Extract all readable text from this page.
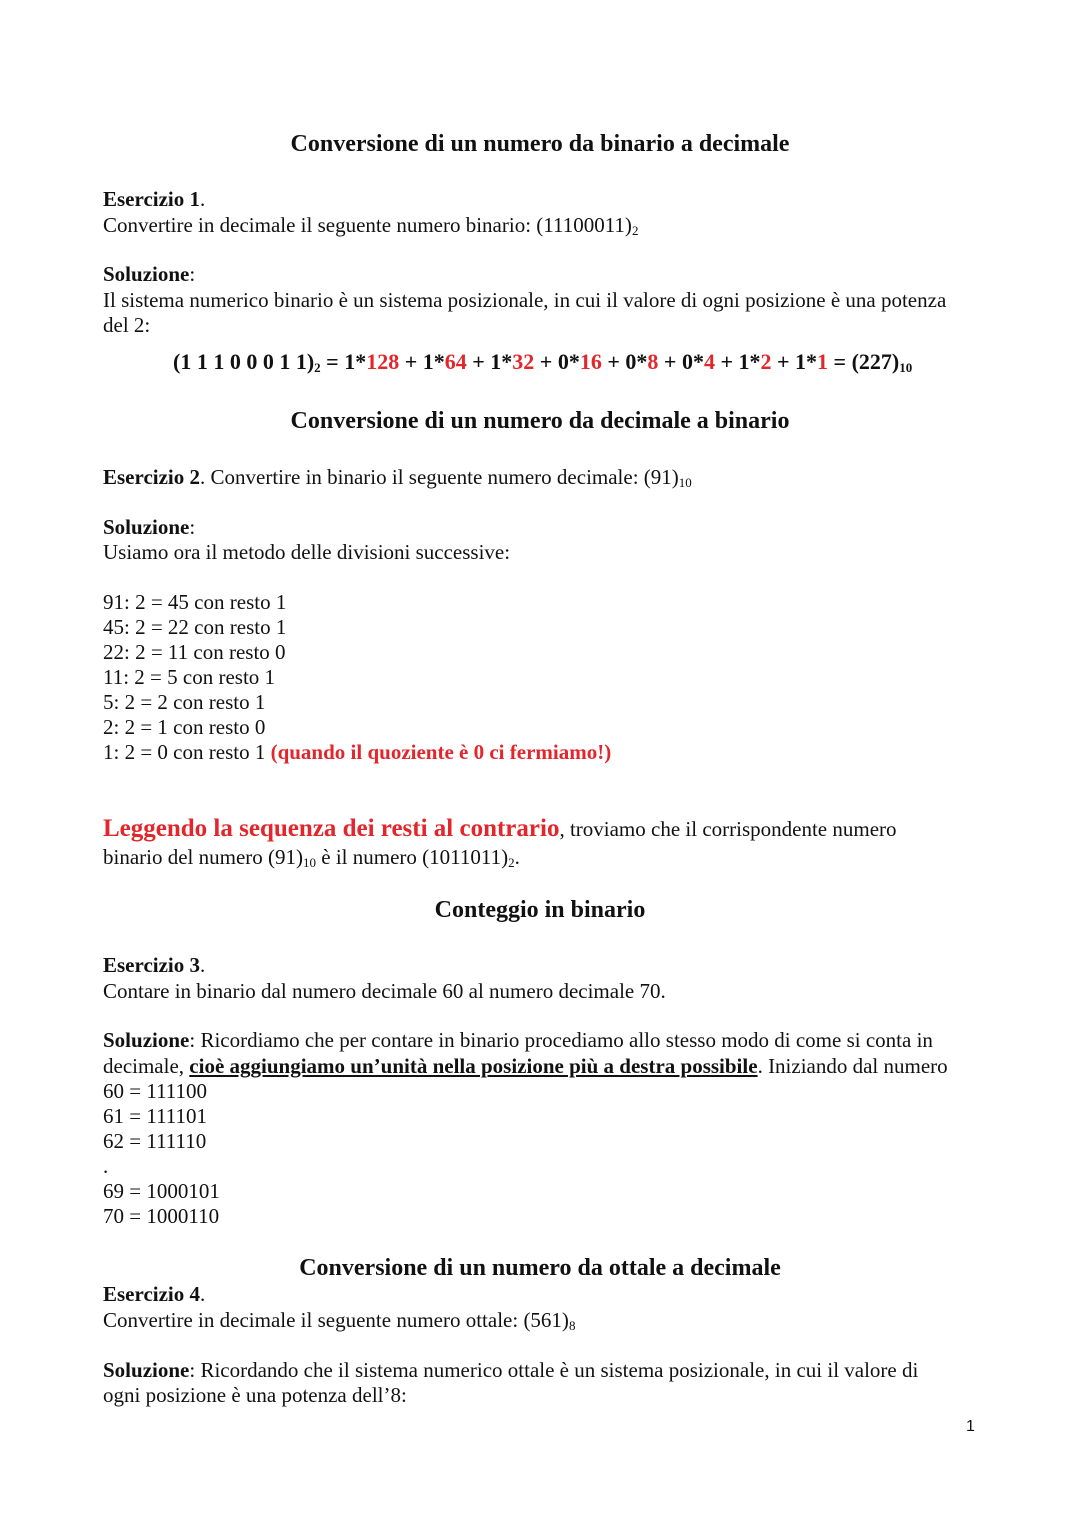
Conversione di un numero da binario a decimale
Esercizio 1.
Convertire in decimale il seguente numero binario: $(11100011)_2$
Soluzione:
Il sistema numerico binario è un sistema posizionale, in cui il valore di ogni posizione è una potenza
del 2:
(1 1 1 0 0 0 1 $1)_2 = 1*128 + 1*64 + 1*32 + 0*16 + 0*8 + 0*4 + 1*2 + 1*1 = (227)_{10}$
Conversione di un numero da decimale a binario
Esercizio 2. Convertire in binario il seguente numero decimale: $(91)_{10}$
Soluzione:
Usiamo ora il metodo delle divisioni successive:
91: 2 = 45 con resto 1
45: 2 = 22 con resto 1
22: 2 = 11 con resto 0
11: 2 = 5 con resto 1
5: 2 = 2 con resto 1
2: 2 = 1 con resto 0
1: 2 = 0 con resto 1 (quando il quoziente è 0 ci fermiamo!)
Leggendo la sequenza dei resti al contrario, troviamo che il corrispondente numero
binario del numero $(91)_{10}$ è il numero $(1011011)_2$.
Conteggio in binario
Esercizio 3.
Contare in binario dal numero decimale 60 al numero decimale 70.
Soluzione: Ricordiamo che per contare in binario procediamo allo stesso modo di come si conta in
decimale, cioè aggiungiamo un’unità nella posizione più a destra possibile. Iniziando dal numero
60 = 111100
61 = 111101
62 = 111110
.
69 = 1000101
70 = 1000110
Conversione di un numero da ottale a decimale
Esercizio 4.
Convertire in decimale il seguente numero ottale: $(561)_8$
Soluzione: Ricordando che il sistema numerico ottale è un sistema posizionale, in cui il valore di
ogni posizione è una potenza dell’8:
1
